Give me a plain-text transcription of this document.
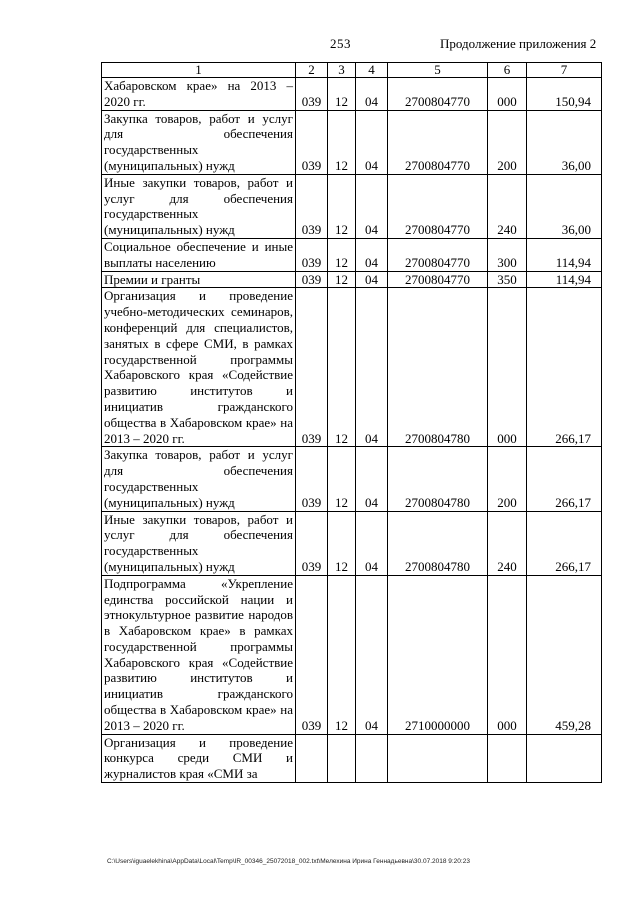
253	Продолжение приложения 2
1	2	3	4	5	6	7
Хабаровском крае» на 2013 – 2020 гг.	039	12	04	2700804770	000	150,94
Закупка товаров, работ и услуг для обеспечения государственных (муниципальных) нужд	039	12	04	2700804770	200	36,00
Иные закупки товаров, работ и услуг для обеспечения государственных (муниципальных) нужд	039	12	04	2700804770	240	36,00
Социальное обеспечение и иные выплаты населению	039	12	04	2700804770	300	114,94
Премии и гранты	039	12	04	2700804770	350	114,94
Организация и проведение учебно-методических семинаров, конференций для специалистов, занятых в сфере СМИ, в рамках государственной программы Хабаровского края «Содействие развитию институтов и инициатив гражданского общества в Хабаровском крае» на 2013 – 2020 гг.	039	12	04	2700804780	000	266,17
Закупка товаров, работ и услуг для обеспечения государственных (муниципальных) нужд	039	12	04	2700804780	200	266,17
Иные закупки товаров, работ и услуг для обеспечения государственных (муниципальных) нужд	039	12	04	2700804780	240	266,17
Подпрограмма «Укрепление единства российской нации и этнокультурное развитие народов в Хабаровском крае» в рамках государственной программы Хабаровского края «Содействие развитию институтов и инициатив гражданского общества в Хабаровском крае» на 2013 – 2020 гг.	039	12	04	2710000000	000	459,28
Организация и проведение конкурса среди СМИ и журналистов края «СМИ за						
C:\Users\iguaelekhina\AppData\Local\Temp\IR_00346_25072018_002.txt\Мелехина Ирина Геннадьевна\30.07.2018 9:20:23
